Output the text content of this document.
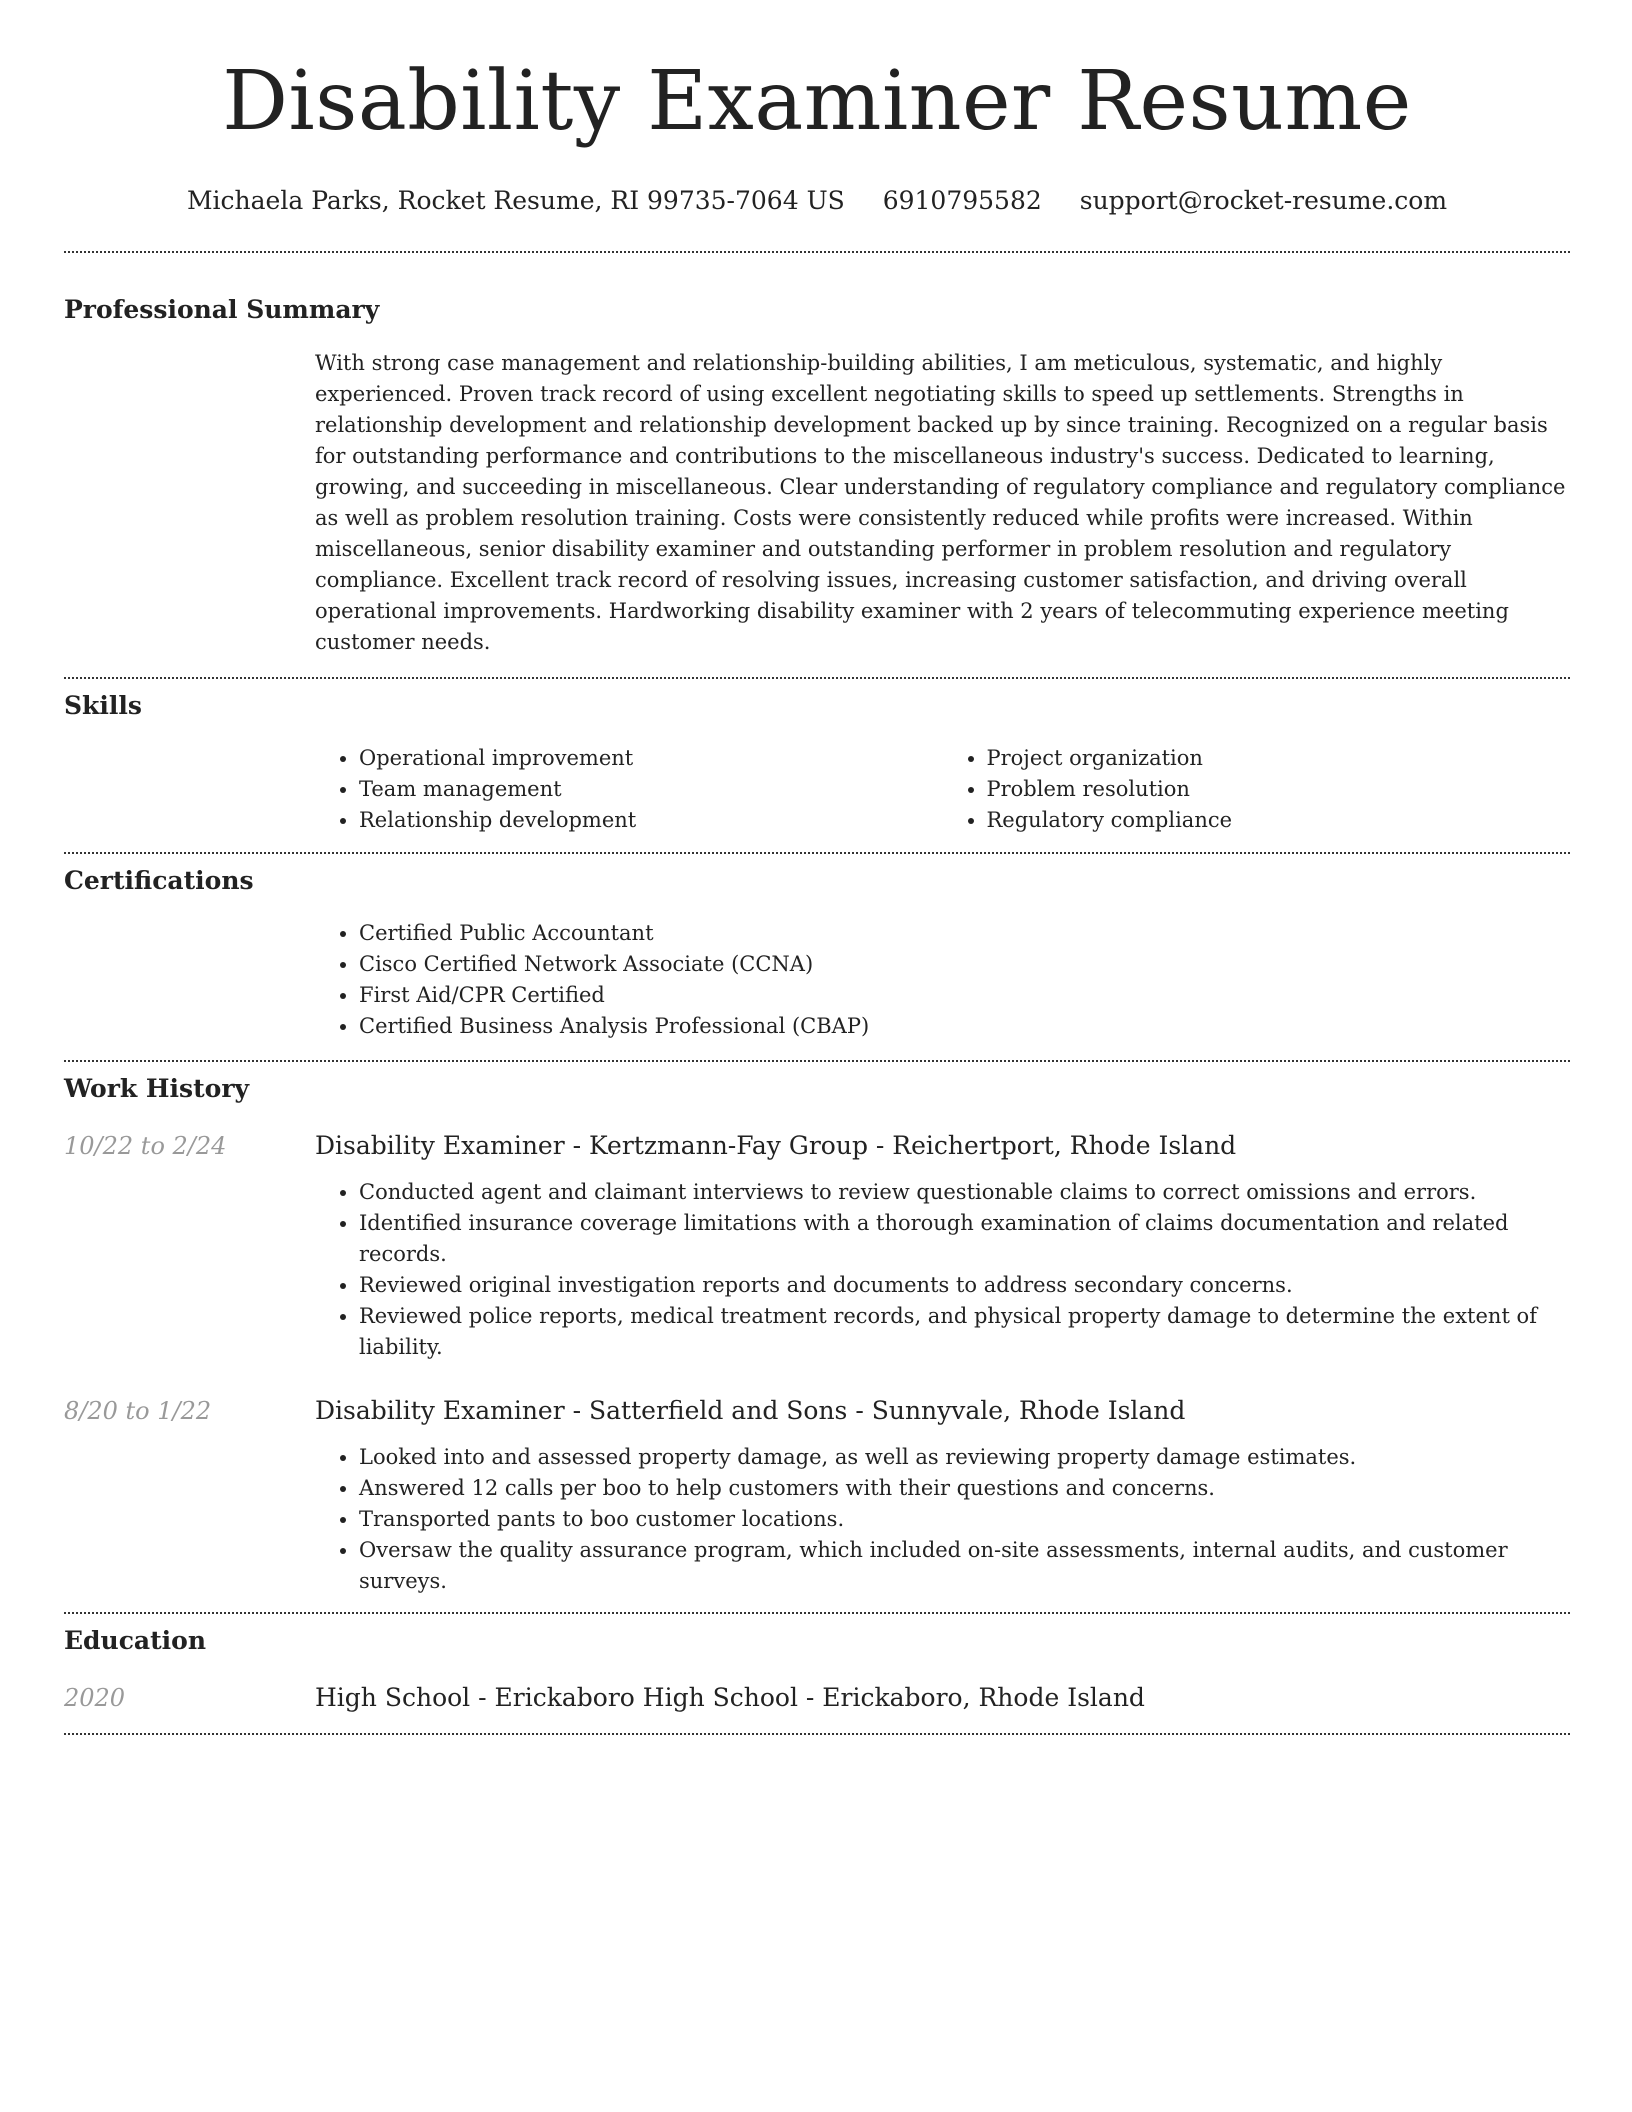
Disability Examiner Resume
Michaela Parks, Rocket Resume, RI 99735-7064 US 6910795582 support@rocket-resume.com
Professional Summary
With strong case management and relationship-building abilities, I am meticulous, systematic, and highly experienced. Proven track record of using excellent negotiating skills to speed up settlements. Strengths in relationship development and relationship development backed up by since training. Recognized on a regular basis for outstanding performance and contributions to the miscellaneous industry's success. Dedicated to learning, growing, and succeeding in miscellaneous. Clear understanding of regulatory compliance and regulatory compliance as well as problem resolution training. Costs were consistently reduced while profits were increased. Within miscellaneous, senior disability examiner and outstanding performer in problem resolution and regulatory compliance. Excellent track record of resolving issues, increasing customer satisfaction, and driving overall operational improvements. Hardworking disability examiner with 2 years of telecommuting experience meeting customer needs.
Skills
• Operational improvement
• Team management
• Relationship development
• Project organization
• Problem resolution
• Regulatory compliance
Certifications
• Certified Public Accountant
• Cisco Certified Network Associate (CCNA)
• First Aid/CPR Certified
• Certified Business Analysis Professional (CBAP)
Work History
10/22 to 2/24	Disability Examiner - Kertzmann-Fay Group - Reichertport, Rhode Island
• Conducted agent and claimant interviews to review questionable claims to correct omissions and errors.
• Identified insurance coverage limitations with a thorough examination of claims documentation and related records.
• Reviewed original investigation reports and documents to address secondary concerns.
• Reviewed police reports, medical treatment records, and physical property damage to determine the extent of liability.
8/20 to 1/22	Disability Examiner - Satterfield and Sons - Sunnyvale, Rhode Island
• Looked into and assessed property damage, as well as reviewing property damage estimates.
• Answered 12 calls per boo to help customers with their questions and concerns.
• Transported pants to boo customer locations.
• Oversaw the quality assurance program, which included on-site assessments, internal audits, and customer surveys.
Education
2020	High School - Erickaboro High School - Erickaboro, Rhode Island
